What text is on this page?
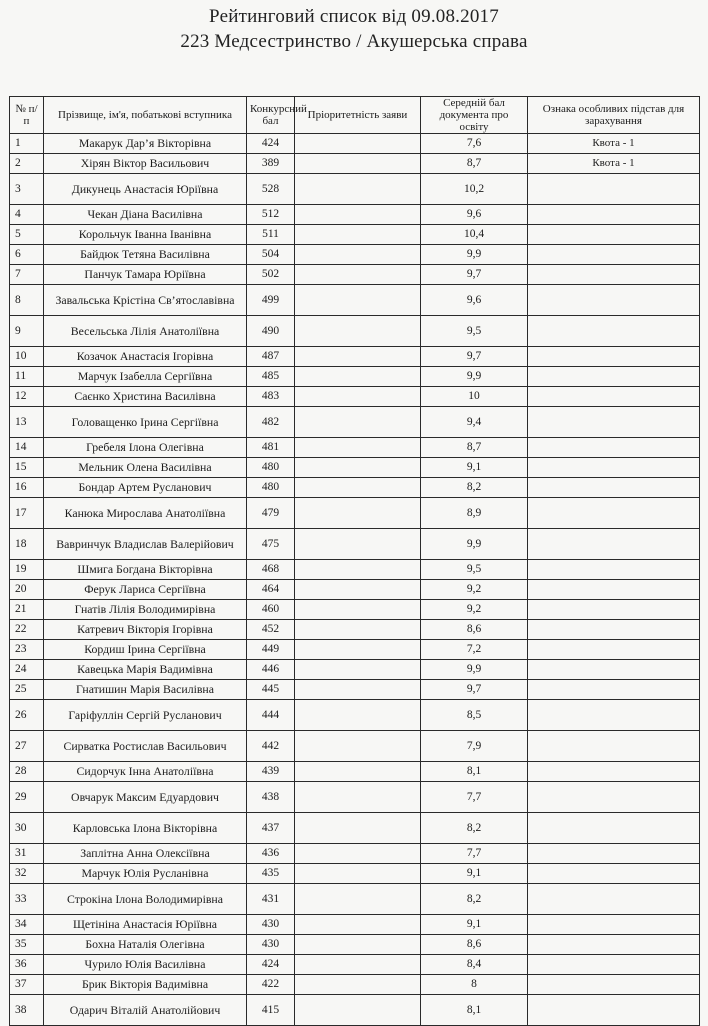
Рейтинговий список від 09.08.2017
223 Медсестринство / Акушерська справа
№ п/п	Прізвище, ім'я, побатькові вступника	Конкурсний бал	Пріоритетність заяви	Середній бал документа про освіту	Ознака особливих підстав для зарахування
1	Макарук Дар’я Вікторівна	424		7,6	Квота - 1
2	Хірян Віктор Васильович	389		8,7	Квота - 1
3	Дикунець Анастасія Юріївна	528		10,2	
4	Чекан Діана Василівна	512		9,6	
5	Корольчук Іванна Іванівна	511		10,4	
6	Байдюк Тетяна Василівна	504		9,9	
7	Панчук Тамара Юріївна	502		9,7	
8	Завальська Крістіна Св’ятославівна	499		9,6	
9	Весельська Лілія Анатоліївна	490		9,5	
10	Козачок Анастасія Ігорівна	487		9,7	
11	Марчук Ізабелла Сергіївна	485		9,9	
12	Саєнко Христина Василівна	483		10	
13	Головащенко Ірина Сергіївна	482		9,4	
14	Гребеля Ілона Олегівна	481		8,7	
15	Мельник Олена Василівна	480		9,1	
16	Бондар Артем Русланович	480		8,2	
17	Канюка Мирослава Анатоліївна	479		8,9	
18	Вавринчук Владислав Валерійович	475		9,9	
19	Шмига Богдана Вікторівна	468		9,5	
20	Ферук Лариса Сергіївна	464		9,2	
21	Гнатів Лілія Володимирівна	460		9,2	
22	Катревич Вікторія Ігорівна	452		8,6	
23	Кордиш Ірина Сергіївна	449		7,2	
24	Кавецька Марія Вадимівна	446		9,9	
25	Гнатишин Марія Василівна	445		9,7	
26	Гаріфуллін Сергій Русланович	444		8,5	
27	Сирватка Ростислав Васильович	442		7,9	
28	Сидорчук Інна Анатоліївна	439		8,1	
29	Овчарук Максим Едуардович	438		7,7	
30	Карловська Ілона Вікторівна	437		8,2	
31	Заплітна Анна Олексіївна	436		7,7	
32	Марчук Юлія Русланівна	435		9,1	
33	Строкіна Ілона Володимирівна	431		8,2	
34	Щетініна Анастасія Юріївна	430		9,1	
35	Бохна Наталія Олегівна	430		8,6	
36	Чурило Юлія Василівна	424		8,4	
37	Брик Вікторія Вадимівна	422		8	
38	Одарич Віталій Анатолійович	415		8,1	
